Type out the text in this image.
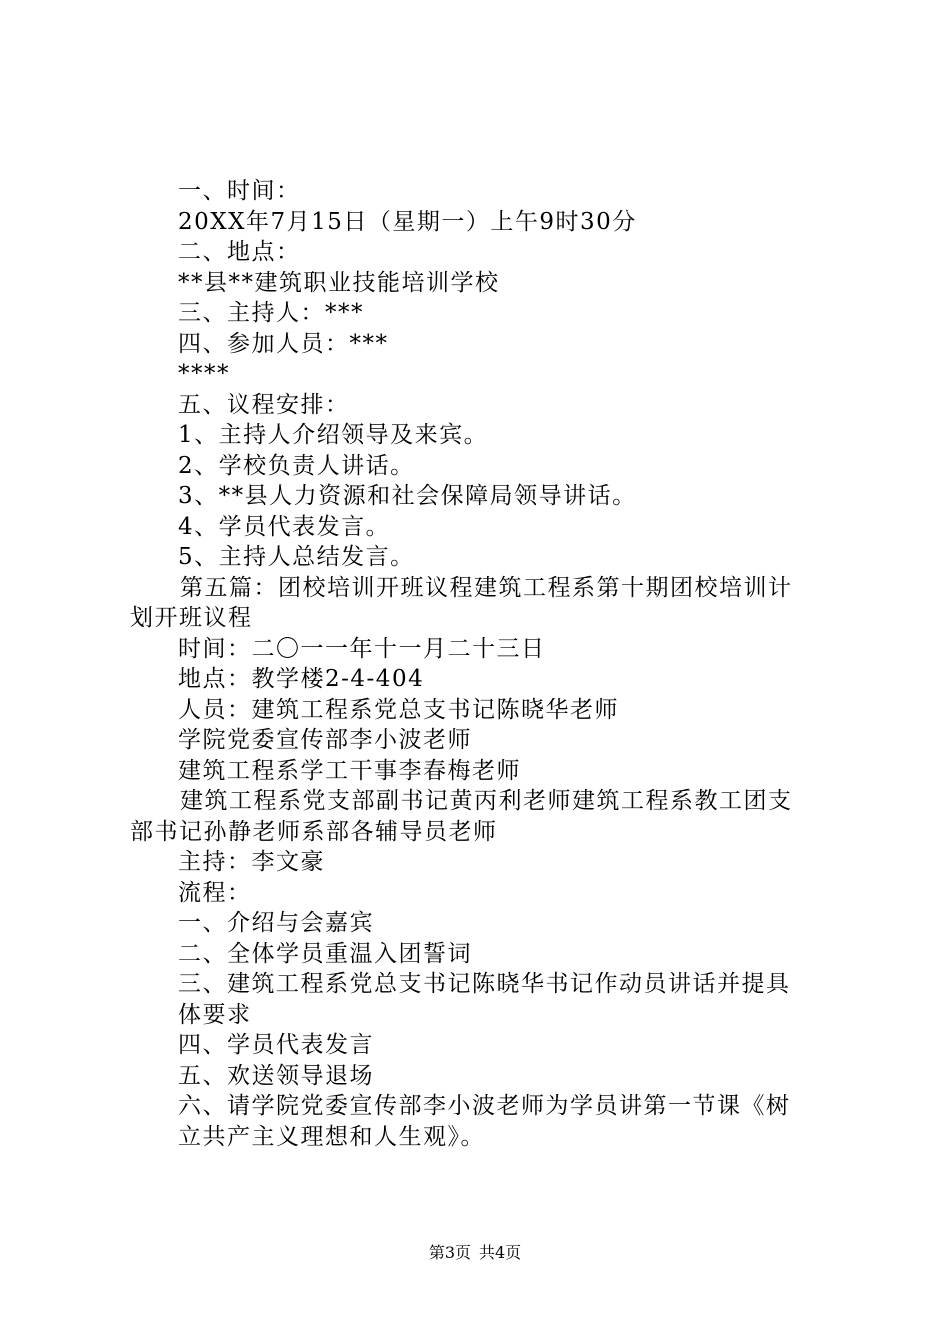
一、时间：
20XX年7月15日（星期一）上午9时30分
二、地点：
**县**建筑职业技能培训学校
三、主持人：***
四、参加人员：***
****
五、议程安排：
1、主持人介绍领导及来宾。
2、学校负责人讲话。
3、**县人力资源和社会保障局领导讲话。
4、学员代表发言。
5、主持人总结发言。
第五篇：团校培训开班议程建筑工程系第十期团校培训计
划开班议程
时间：二〇一一年十一月二十三日
地点：教学楼2-4-404
人员：建筑工程系党总支书记陈晓华老师
学院党委宣传部李小波老师
建筑工程系学工干事李春梅老师
建筑工程系党支部副书记黄丙利老师建筑工程系教工团支
部书记孙静老师系部各辅导员老师
主持：李文豪
流程：
一、介绍与会嘉宾
二、全体学员重温入团誓词
三、建筑工程系党总支书记陈晓华书记作动员讲话并提具
体要求
四、学员代表发言
五、欢送领导退场
六、请学院党委宣传部李小波老师为学员讲第一节课《树
立共产主义理想和人生观》。
第3页 共4页
